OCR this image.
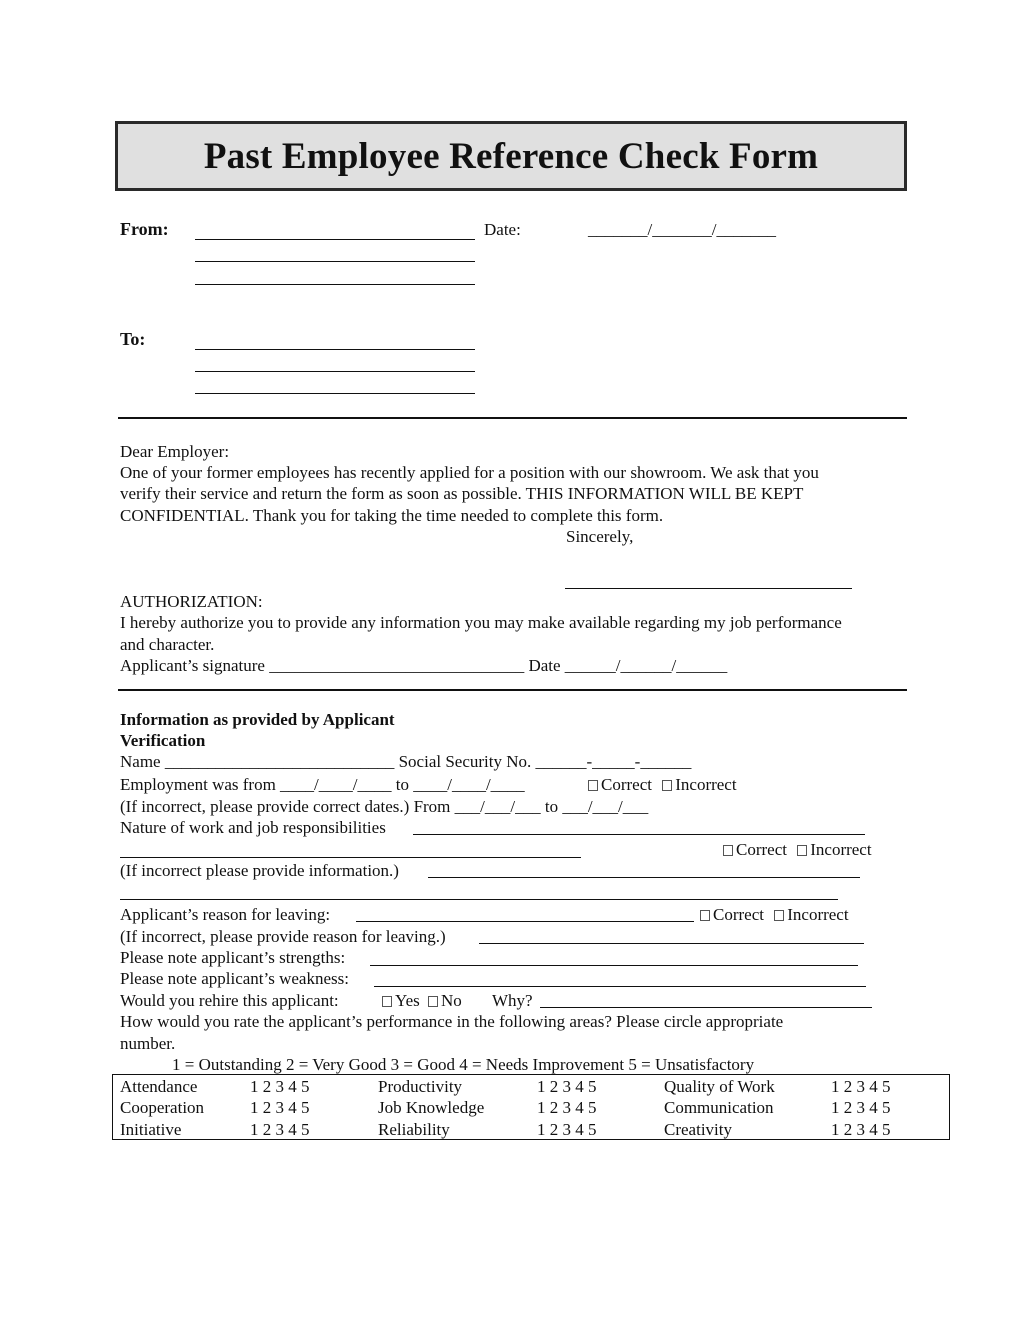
Past Employee Reference Check Form
From:	Date:	_______/_______/_______
To:
Dear Employer:
One of your former employees has recently applied for a position with our showroom. We ask that you
verify their service and return the form as soon as possible. THIS INFORMATION WILL BE KEPT
CONFIDENTIAL. Thank you for taking the time needed to complete this form.
Sincerely,
AUTHORIZATION:
I hereby authorize you to provide any information you may make available regarding my job performance
and character.
Applicant’s signature ______________________________ Date ______/______/______
Information as provided by Applicant
Verification
Name ___________________________ Social Security No. ______-_____-______
Employment was from ____/____/____ to ____/____/____	Correct Incorrect
(If incorrect, please provide correct dates.) From ___/___/___ to ___/___/___
Nature of work and job responsibilities
Correct Incorrect
(If incorrect please provide information.)
Applicant’s reason for leaving:	Correct Incorrect
(If incorrect, please provide reason for leaving.)
Please note applicant’s strengths:
Please note applicant’s weakness:
Would you rehire this applicant:	Yes No Why?
How would you rate the applicant’s performance in the following areas? Please circle appropriate
number.
1 = Outstanding 2 = Very Good 3 = Good 4 = Needs Improvement 5 = Unsatisfactory
Attendance	1 2 3 4 5	Productivity	1 2 3 4 5	Quality of Work	1 2 3 4 5
Cooperation	1 2 3 4 5	Job Knowledge	1 2 3 4 5	Communication	1 2 3 4 5
Initiative	1 2 3 4 5	Reliability	1 2 3 4 5	Creativity	1 2 3 4 5
